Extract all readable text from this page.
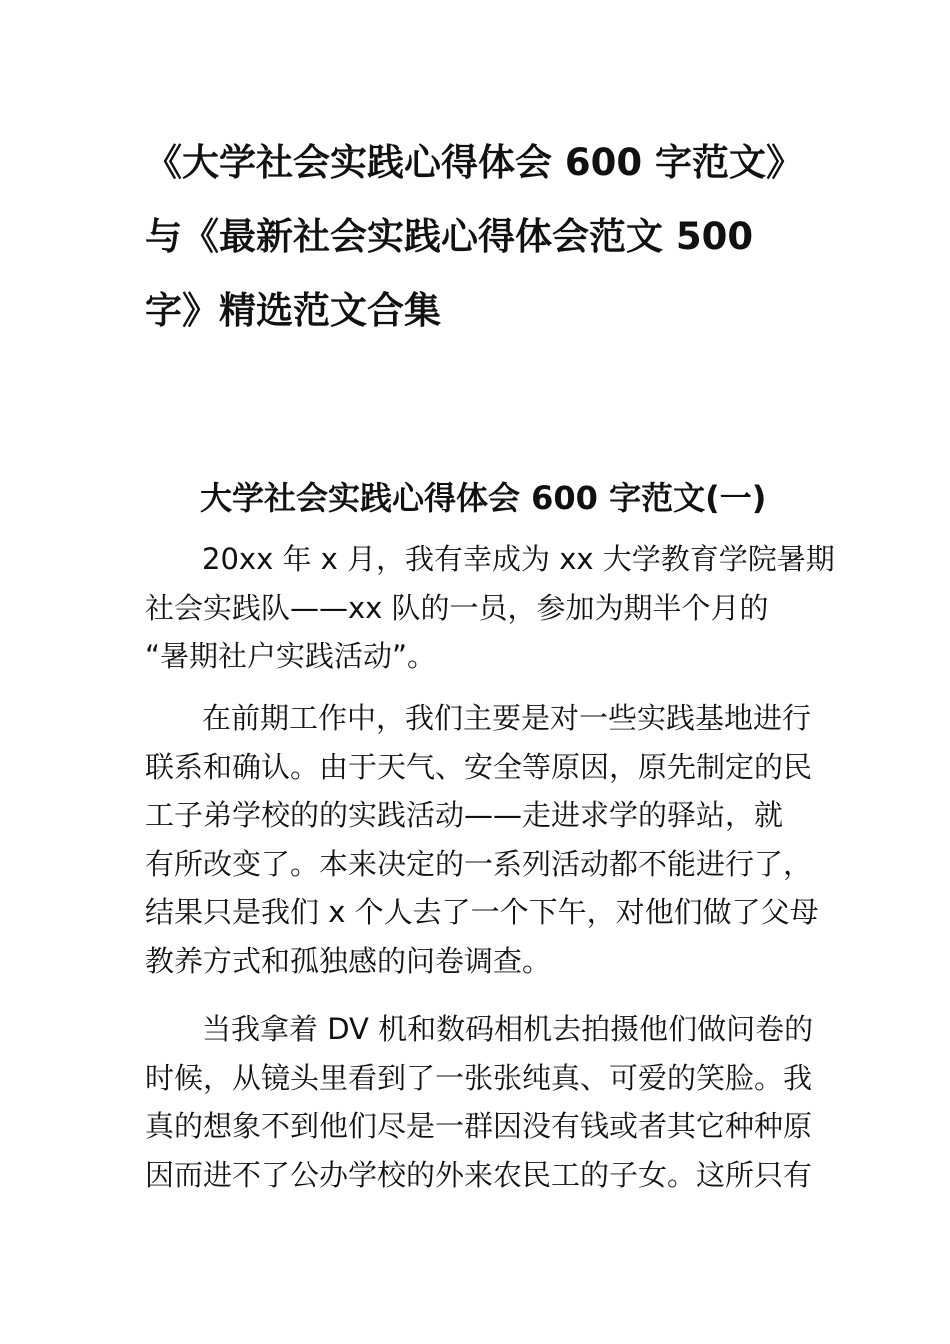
《大学社会实践心得体会 600 字范文》
与《最新社会实践心得体会范文 500
字》精选范文合集
大学社会实践心得体会 600 字范文(一)
20xx 年 x 月，我有幸成为 xx 大学教育学院暑期
社会实践队——xx 队的一员，参加为期半个月的
“暑期社户实践活动”。
在前期工作中，我们主要是对一些实践基地进行
联系和确认。由于天气、安全等原因，原先制定的民
工子弟学校的的实践活动——走进求学的驿站，就
有所改变了。本来决定的一系列活动都不能进行了，
结果只是我们 x 个人去了一个下午，对他们做了父母
教养方式和孤独感的问卷调查。
当我拿着 DV 机和数码相机去拍摄他们做问卷的
时候，从镜头里看到了一张张纯真、可爱的笑脸。我
真的想象不到他们尽是一群因没有钱或者其它种种原
因而进不了公办学校的外来农民工的子女。这所只有
